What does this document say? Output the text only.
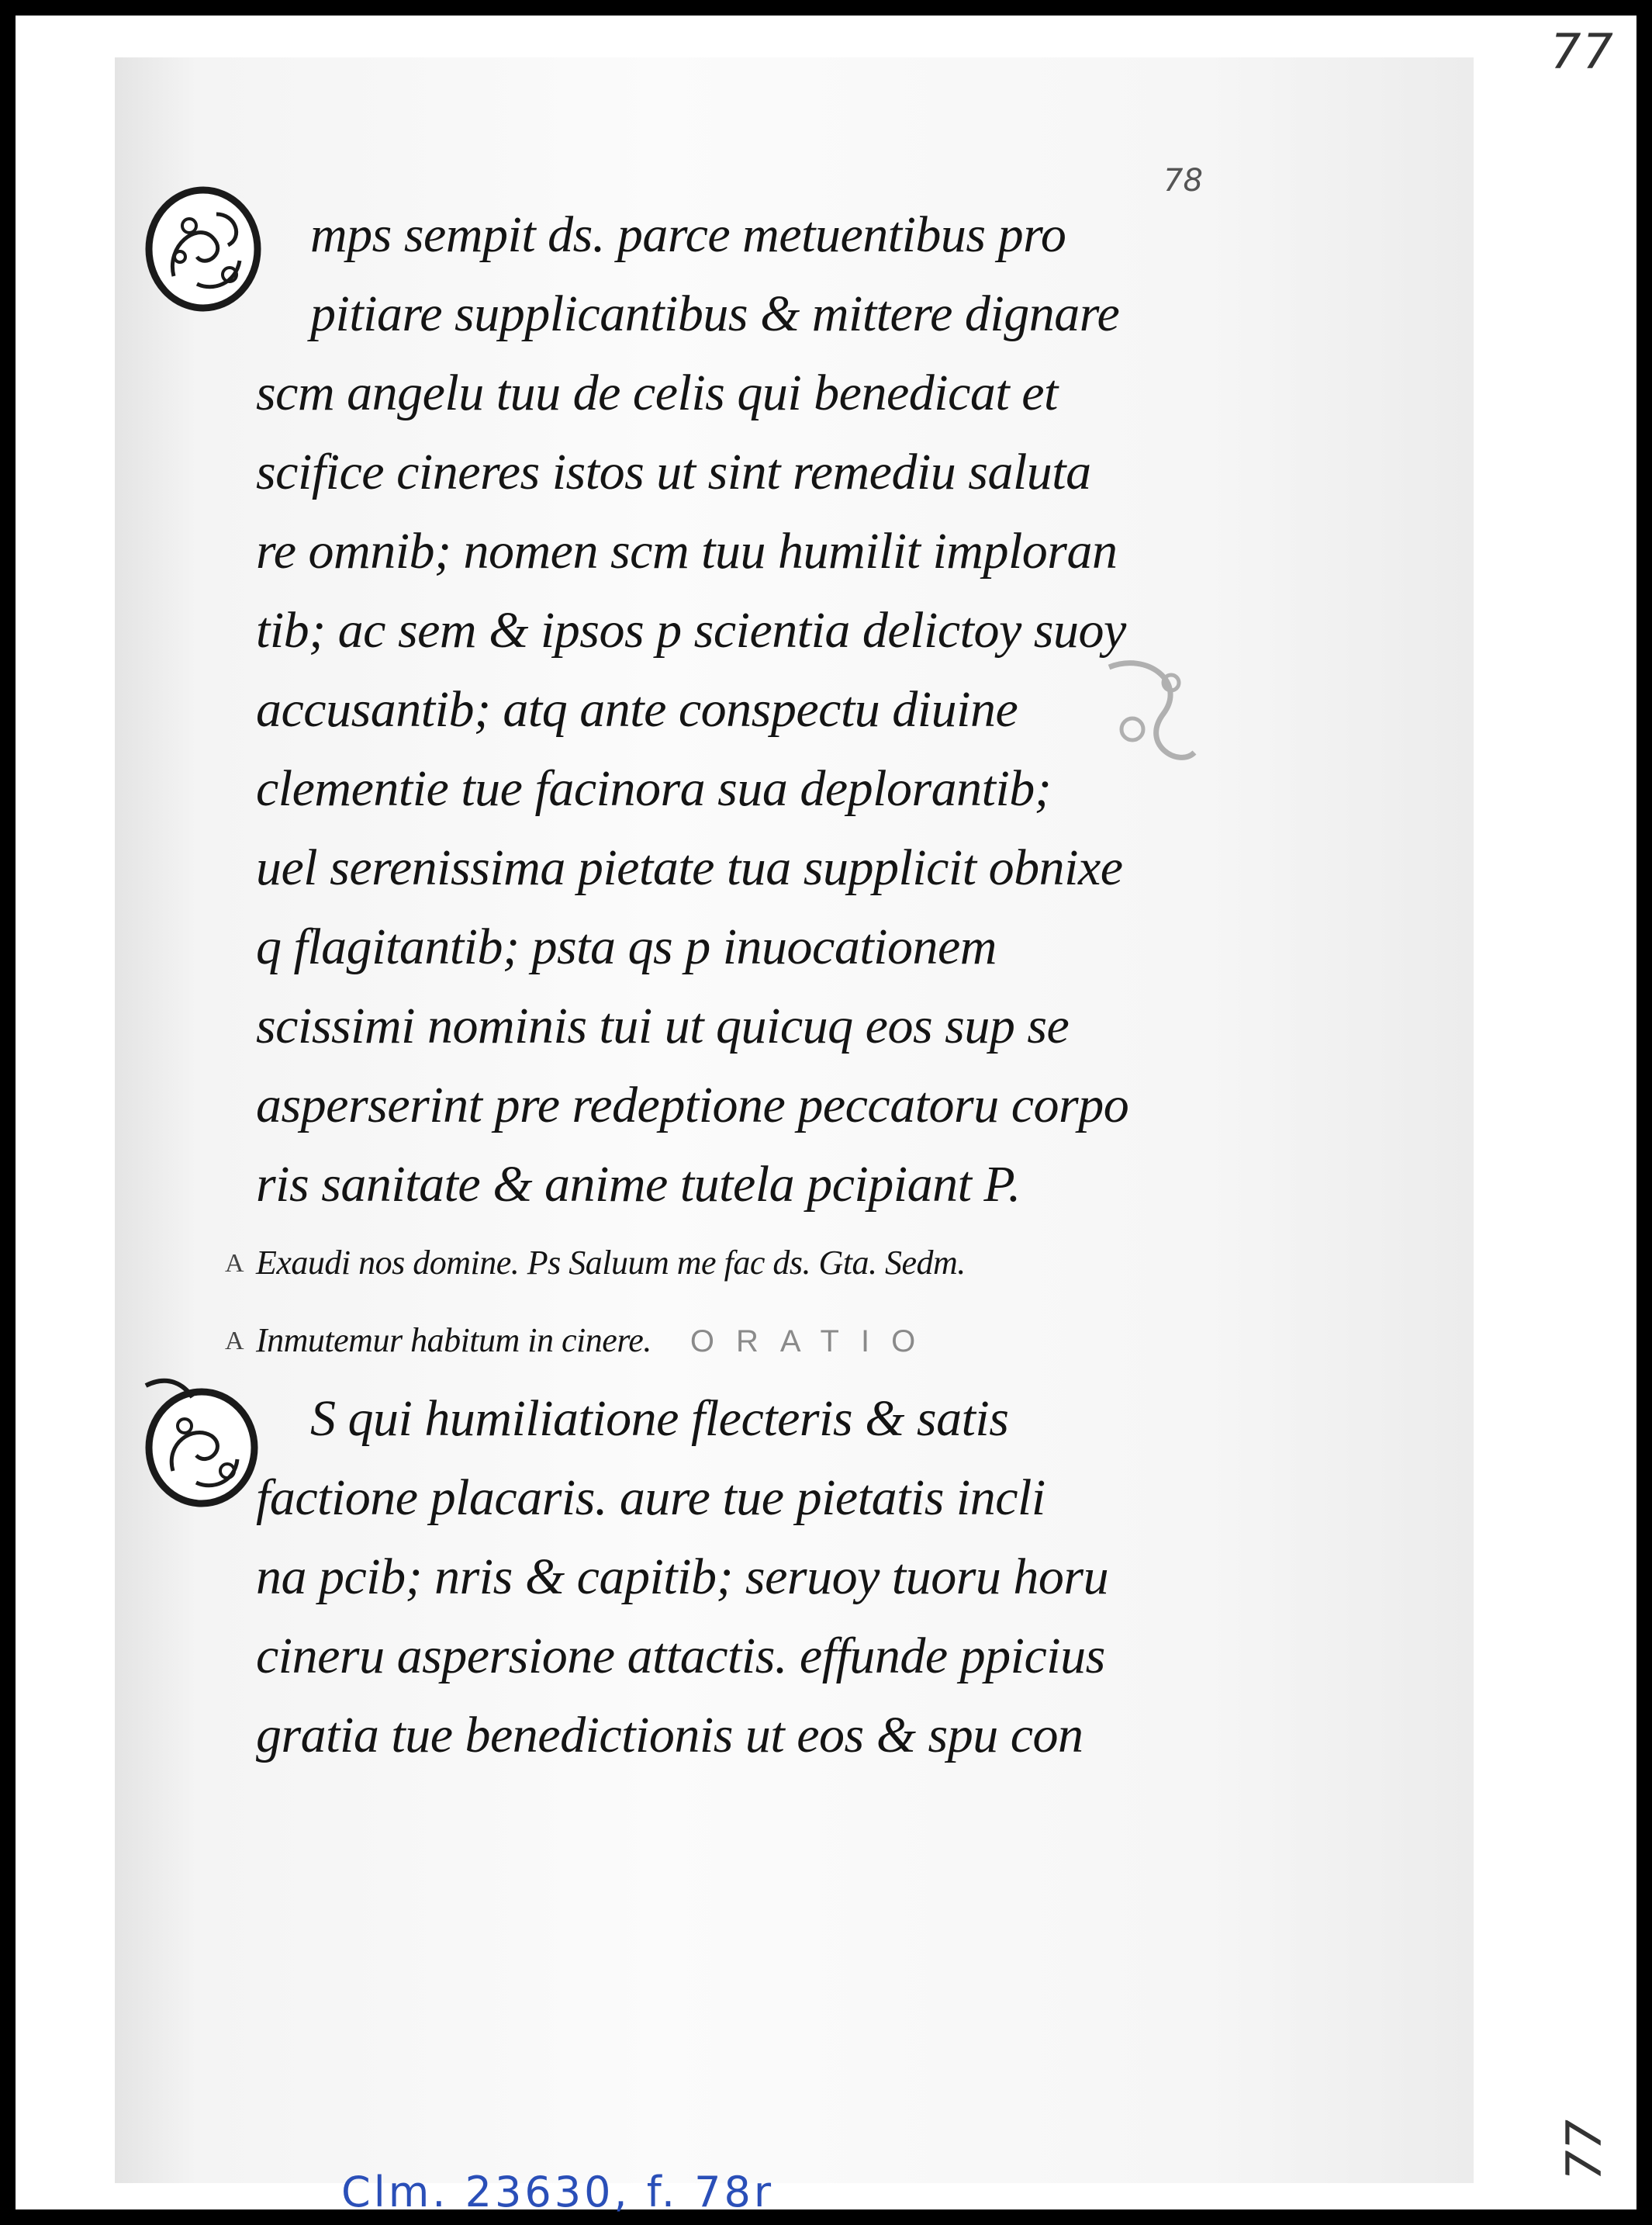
77
77
78
mps sempit ds. parce metuentibus pro
pitiare supplicantibus & mittere dignare
scm angelu tuu de celis qui benedicat et
scifice cineres istos ut sint remediu saluta
re omnib; nomen scm tuu humilit imploran
tib; ac sem & ipsos p scientia delictoy suoy
accusantib; atq ante conspectu diuine
clementie tue facinora sua deplorantib;
uel serenissima pietate tua supplicit obnixe
q flagitantib; psta qs p inuocationem
scissimi nominis tui ut quicuq eos sup se
asperserint pre redeptione peccatoru corpo
ris sanitate & anime tutela pcipiant P.
A Exaudi nos domine. Ps Saluum me fac ds. Gta. Sedm.
A Inmutemur habitum in cinere. ORATIO
S qui humiliatione flecteris & satis
factione placaris. aure tue pietatis incli
na pcib; nris & capitib; seruoy tuoru horu
cineru aspersione attactis. effunde ppicius
gratia tue benedictionis ut eos & spu con
Clm. 23630, f. 78r
